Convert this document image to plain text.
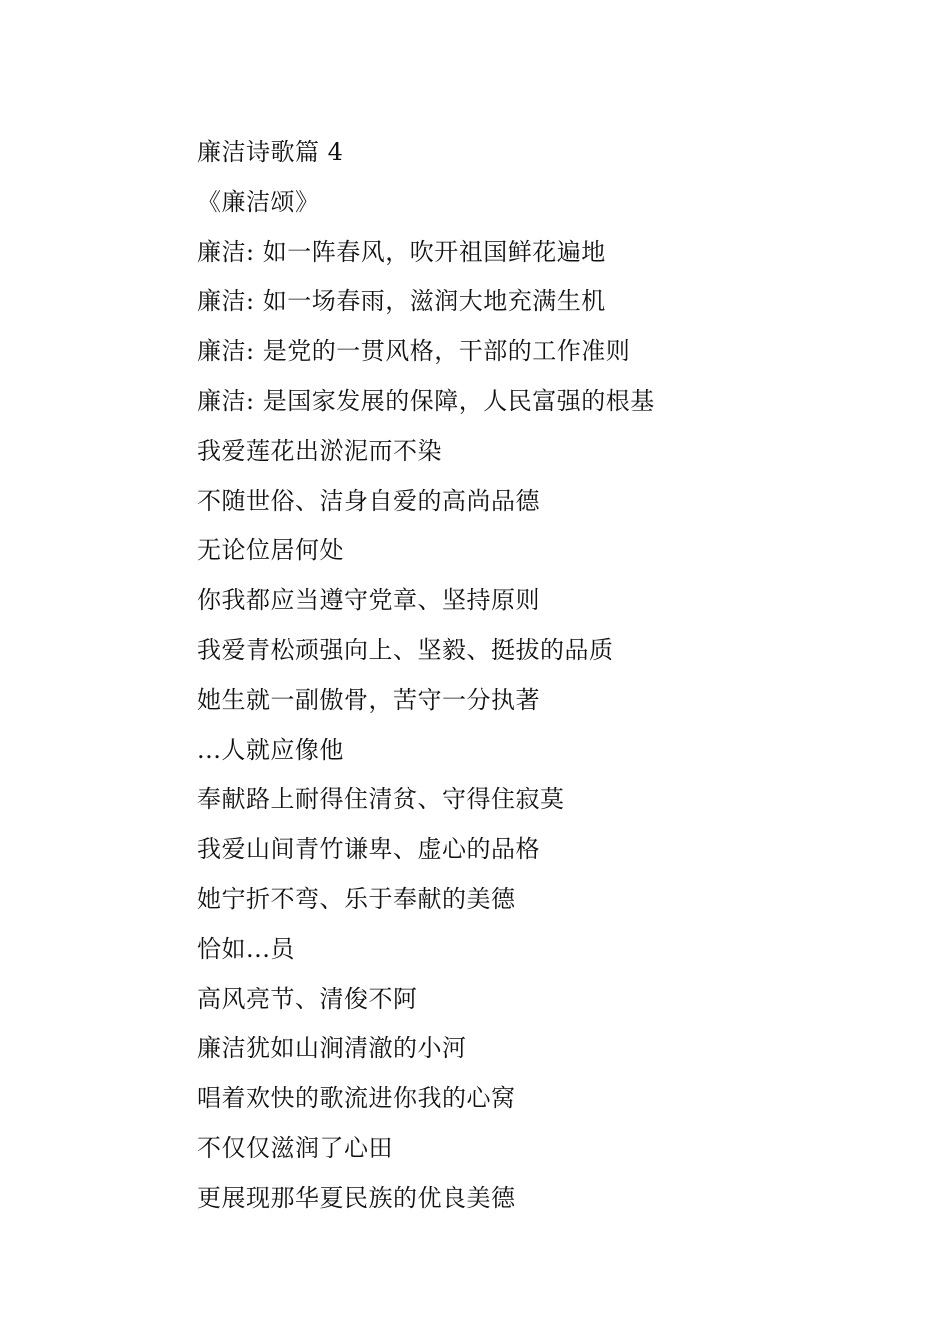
廉洁诗歌篇 4
《廉洁颂》
廉洁: 如一阵春风，吹开祖国鲜花遍地
廉洁: 如一场春雨，滋润大地充满生机
廉洁: 是党的一贯风格，干部的工作准则
廉洁: 是国家发展的保障，人民富强的根基
我爱莲花出淤泥而不染
不随世俗、洁身自爱的高尚品德
无论位居何处
你我都应当遵守党章、坚持原则
我爱青松顽强向上、坚毅、挺拔的品质
她生就一副傲骨，苦守一分执著
...人就应像他
奉献路上耐得住清贫、守得住寂莫
我爱山间青竹谦卑、虚心的品格
她宁折不弯、乐于奉献的美德
恰如...员
高风亮节、清俊不阿
廉洁犹如山涧清澈的小河
唱着欢快的歌流进你我的心窝
不仅仅滋润了心田
更展现那华夏民族的优良美德
